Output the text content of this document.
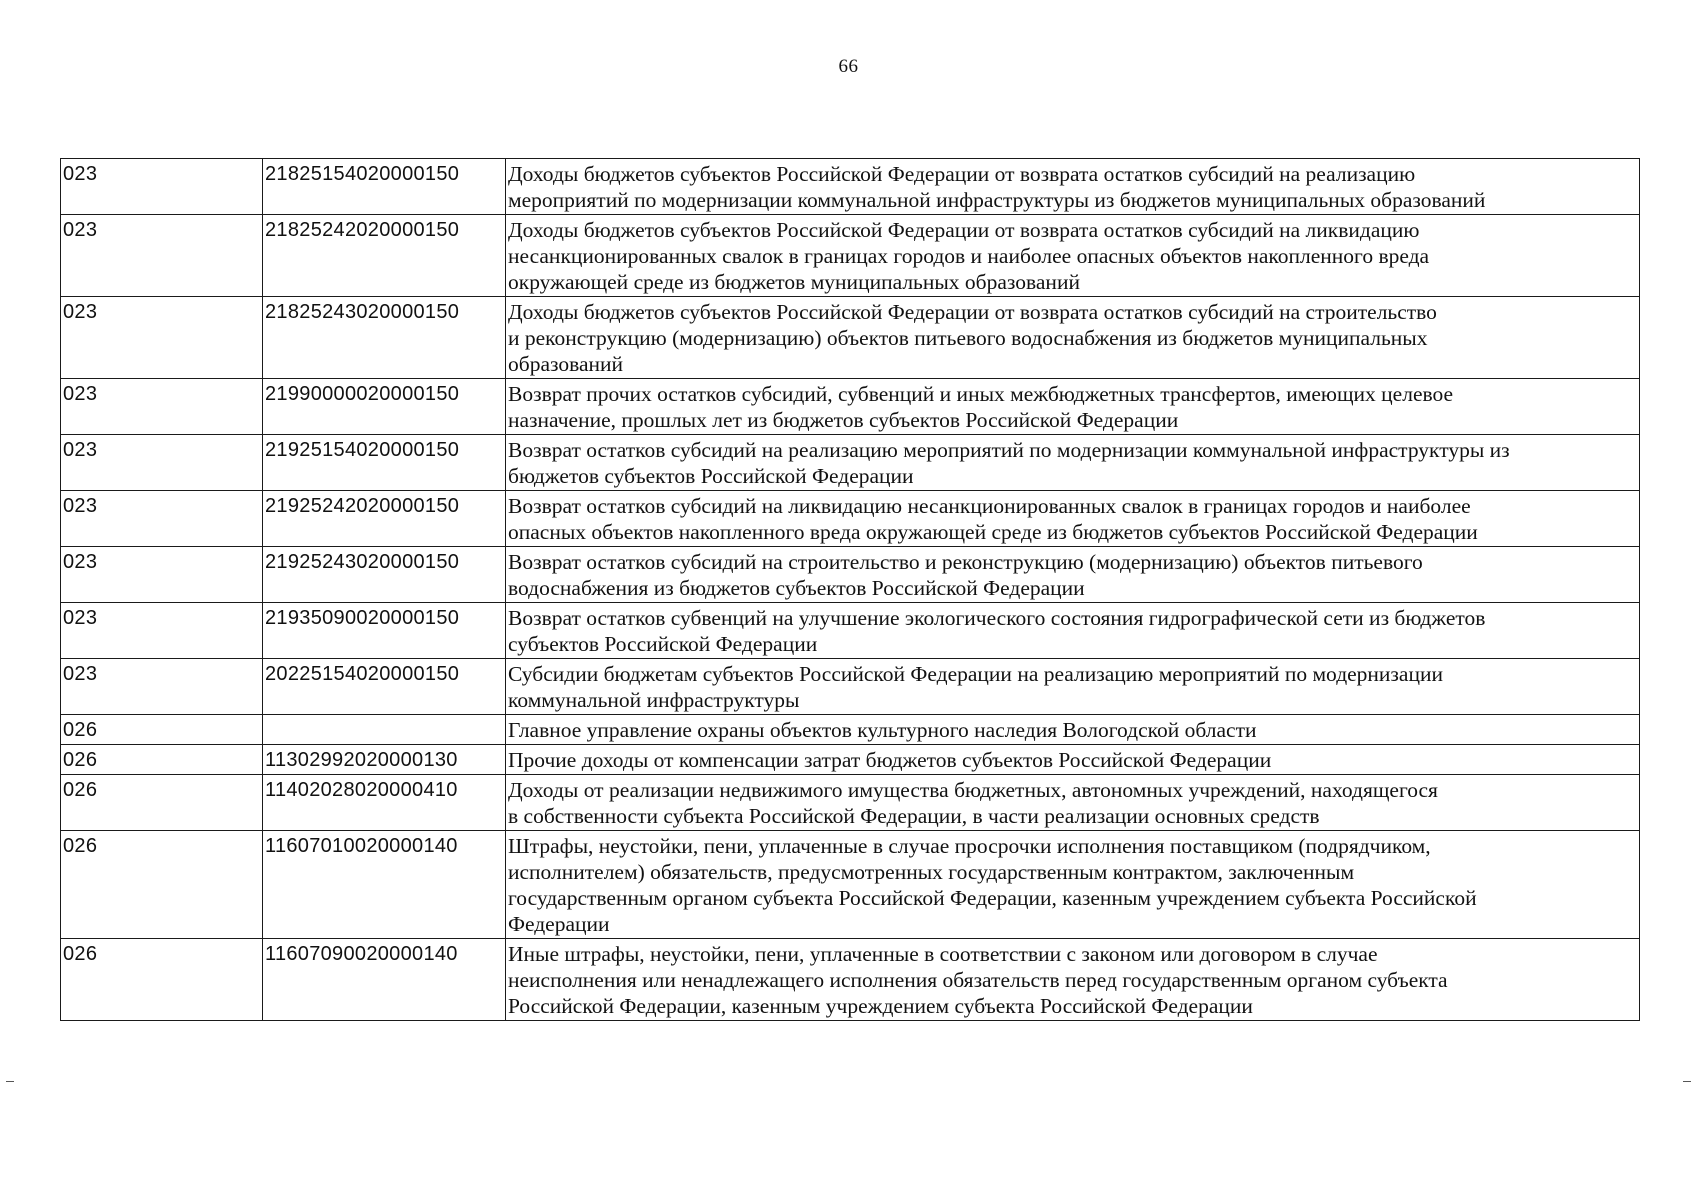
66
023	21825154020000150	Доходы бюджетов субъектов Российской Федерации от возврата остатков субсидий на реализацию
мероприятий по модернизации коммунальной инфраструктуры из бюджетов муниципальных образований
023	21825242020000150	Доходы бюджетов субъектов Российской Федерации от возврата остатков субсидий на ликвидацию
несанкционированных свалок в границах городов и наиболее опасных объектов накопленного вреда
окружающей среде из бюджетов муниципальных образований
023	21825243020000150	Доходы бюджетов субъектов Российской Федерации от возврата остатков субсидий на строительство
и реконструкцию (модернизацию) объектов питьевого водоснабжения из бюджетов муниципальных
образований
023	21990000020000150	Возврат прочих остатков субсидий, субвенций и иных межбюджетных трансфертов, имеющих целевое
назначение, прошлых лет из бюджетов субъектов Российской Федерации
023	21925154020000150	Возврат остатков субсидий на реализацию мероприятий по модернизации коммунальной инфраструктуры из
бюджетов субъектов Российской Федерации
023	21925242020000150	Возврат остатков субсидий на ликвидацию несанкционированных свалок в границах городов и наиболее
опасных объектов накопленного вреда окружающей среде из бюджетов субъектов Российской Федерации
023	21925243020000150	Возврат остатков субсидий на строительство и реконструкцию (модернизацию) объектов питьевого
водоснабжения из бюджетов субъектов Российской Федерации
023	21935090020000150	Возврат остатков субвенций на улучшение экологического состояния гидрографической сети из бюджетов
субъектов Российской Федерации
023	20225154020000150	Субсидии бюджетам субъектов Российской Федерации на реализацию мероприятий по модернизации
коммунальной инфраструктуры
026		Главное управление охраны объектов культурного наследия Вологодской области
026	11302992020000130	Прочие доходы от компенсации затрат бюджетов субъектов Российской Федерации
026	11402028020000410	Доходы от реализации недвижимого имущества бюджетных, автономных учреждений, находящегося
в собственности субъекта Российской Федерации, в части реализации основных средств
026	11607010020000140	Штрафы, неустойки, пени, уплаченные в случае просрочки исполнения поставщиком (подрядчиком,
исполнителем) обязательств, предусмотренных государственным контрактом, заключенным
государственным органом субъекта Российской Федерации, казенным учреждением субъекта Российской
Федерации
026	11607090020000140	Иные штрафы, неустойки, пени, уплаченные в соответствии с законом или договором в случае
неисполнения или ненадлежащего исполнения обязательств перед государственным органом субъекта
Российской Федерации, казенным учреждением субъекта Российской Федерации
